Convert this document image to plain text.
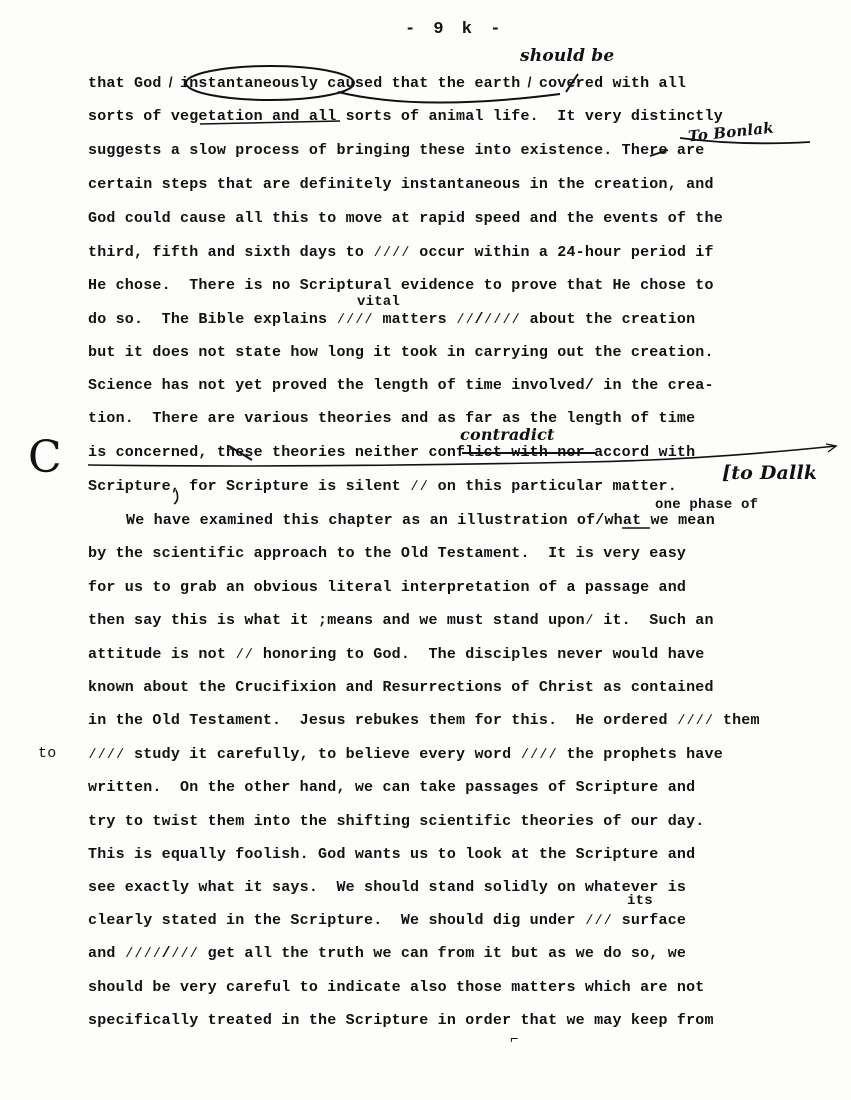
- 9 k -
C
to
should be
To Bonlak
contradict
[to Dallk
vital
one phase of
its
that God ̸ instantaneously caused that the earth ̸ covered with all
sorts of vegetation and all sorts of animal life.  It very distinctly
suggests a slow process of bringing these into existence. There are
certain steps that are definitely instantaneous in the creation, and
God could cause all this to move at rapid speed and the events of the
third, fifth and sixth days to ∕∕∕∕ occur within a 24-hour period if
He chose.  There is no Scriptural evidence to prove that He chose to
do so.  The Bible explains ∕∕∕∕ matters ∕∕/∕∕∕∕ about the creation
but it does not state how long it took in carrying out the creation.
Science has not yet proved the length of time involved/ in the crea-
tion.  There are various theories and as far as the length of time
is concerned, these theories neither conflict with nor accord with
Scripture, for Scripture is silent ∕∕ on this particular matter.
We have examined this chapter as an illustration of/what we mean
by the scientific approach to the Old Testament.  It is very easy
for us to grab an obvious literal interpretation of a passage and
then say this is what it ;means and we must stand upon∕ it.  Such an
attitude is not ∕∕ honoring to God.  The disciples never would have
known about the Crucifixion and Resurrections of Christ as contained
in the Old Testament.  Jesus rebukes them for this.  He ordered ∕∕∕∕ them
∕∕∕∕ study it carefully, to believe every word ∕∕∕∕ the prophets have
written.  On the other hand, we can take passages of Scripture and
try to twist them into the shifting scientific theories of our day.
This is equally foolish. God wants us to look at the Scripture and
see exactly what it says.  We should stand solidly on whatever is
clearly stated in the Scripture.  We should dig under ∕∕∕ surface
and ∕∕∕∕/∕∕∕ get all the truth we can from it but as we do so, we
should be very careful to indicate also those matters which are not
specifically treated in the Scripture in order that we may keep from
⌐
